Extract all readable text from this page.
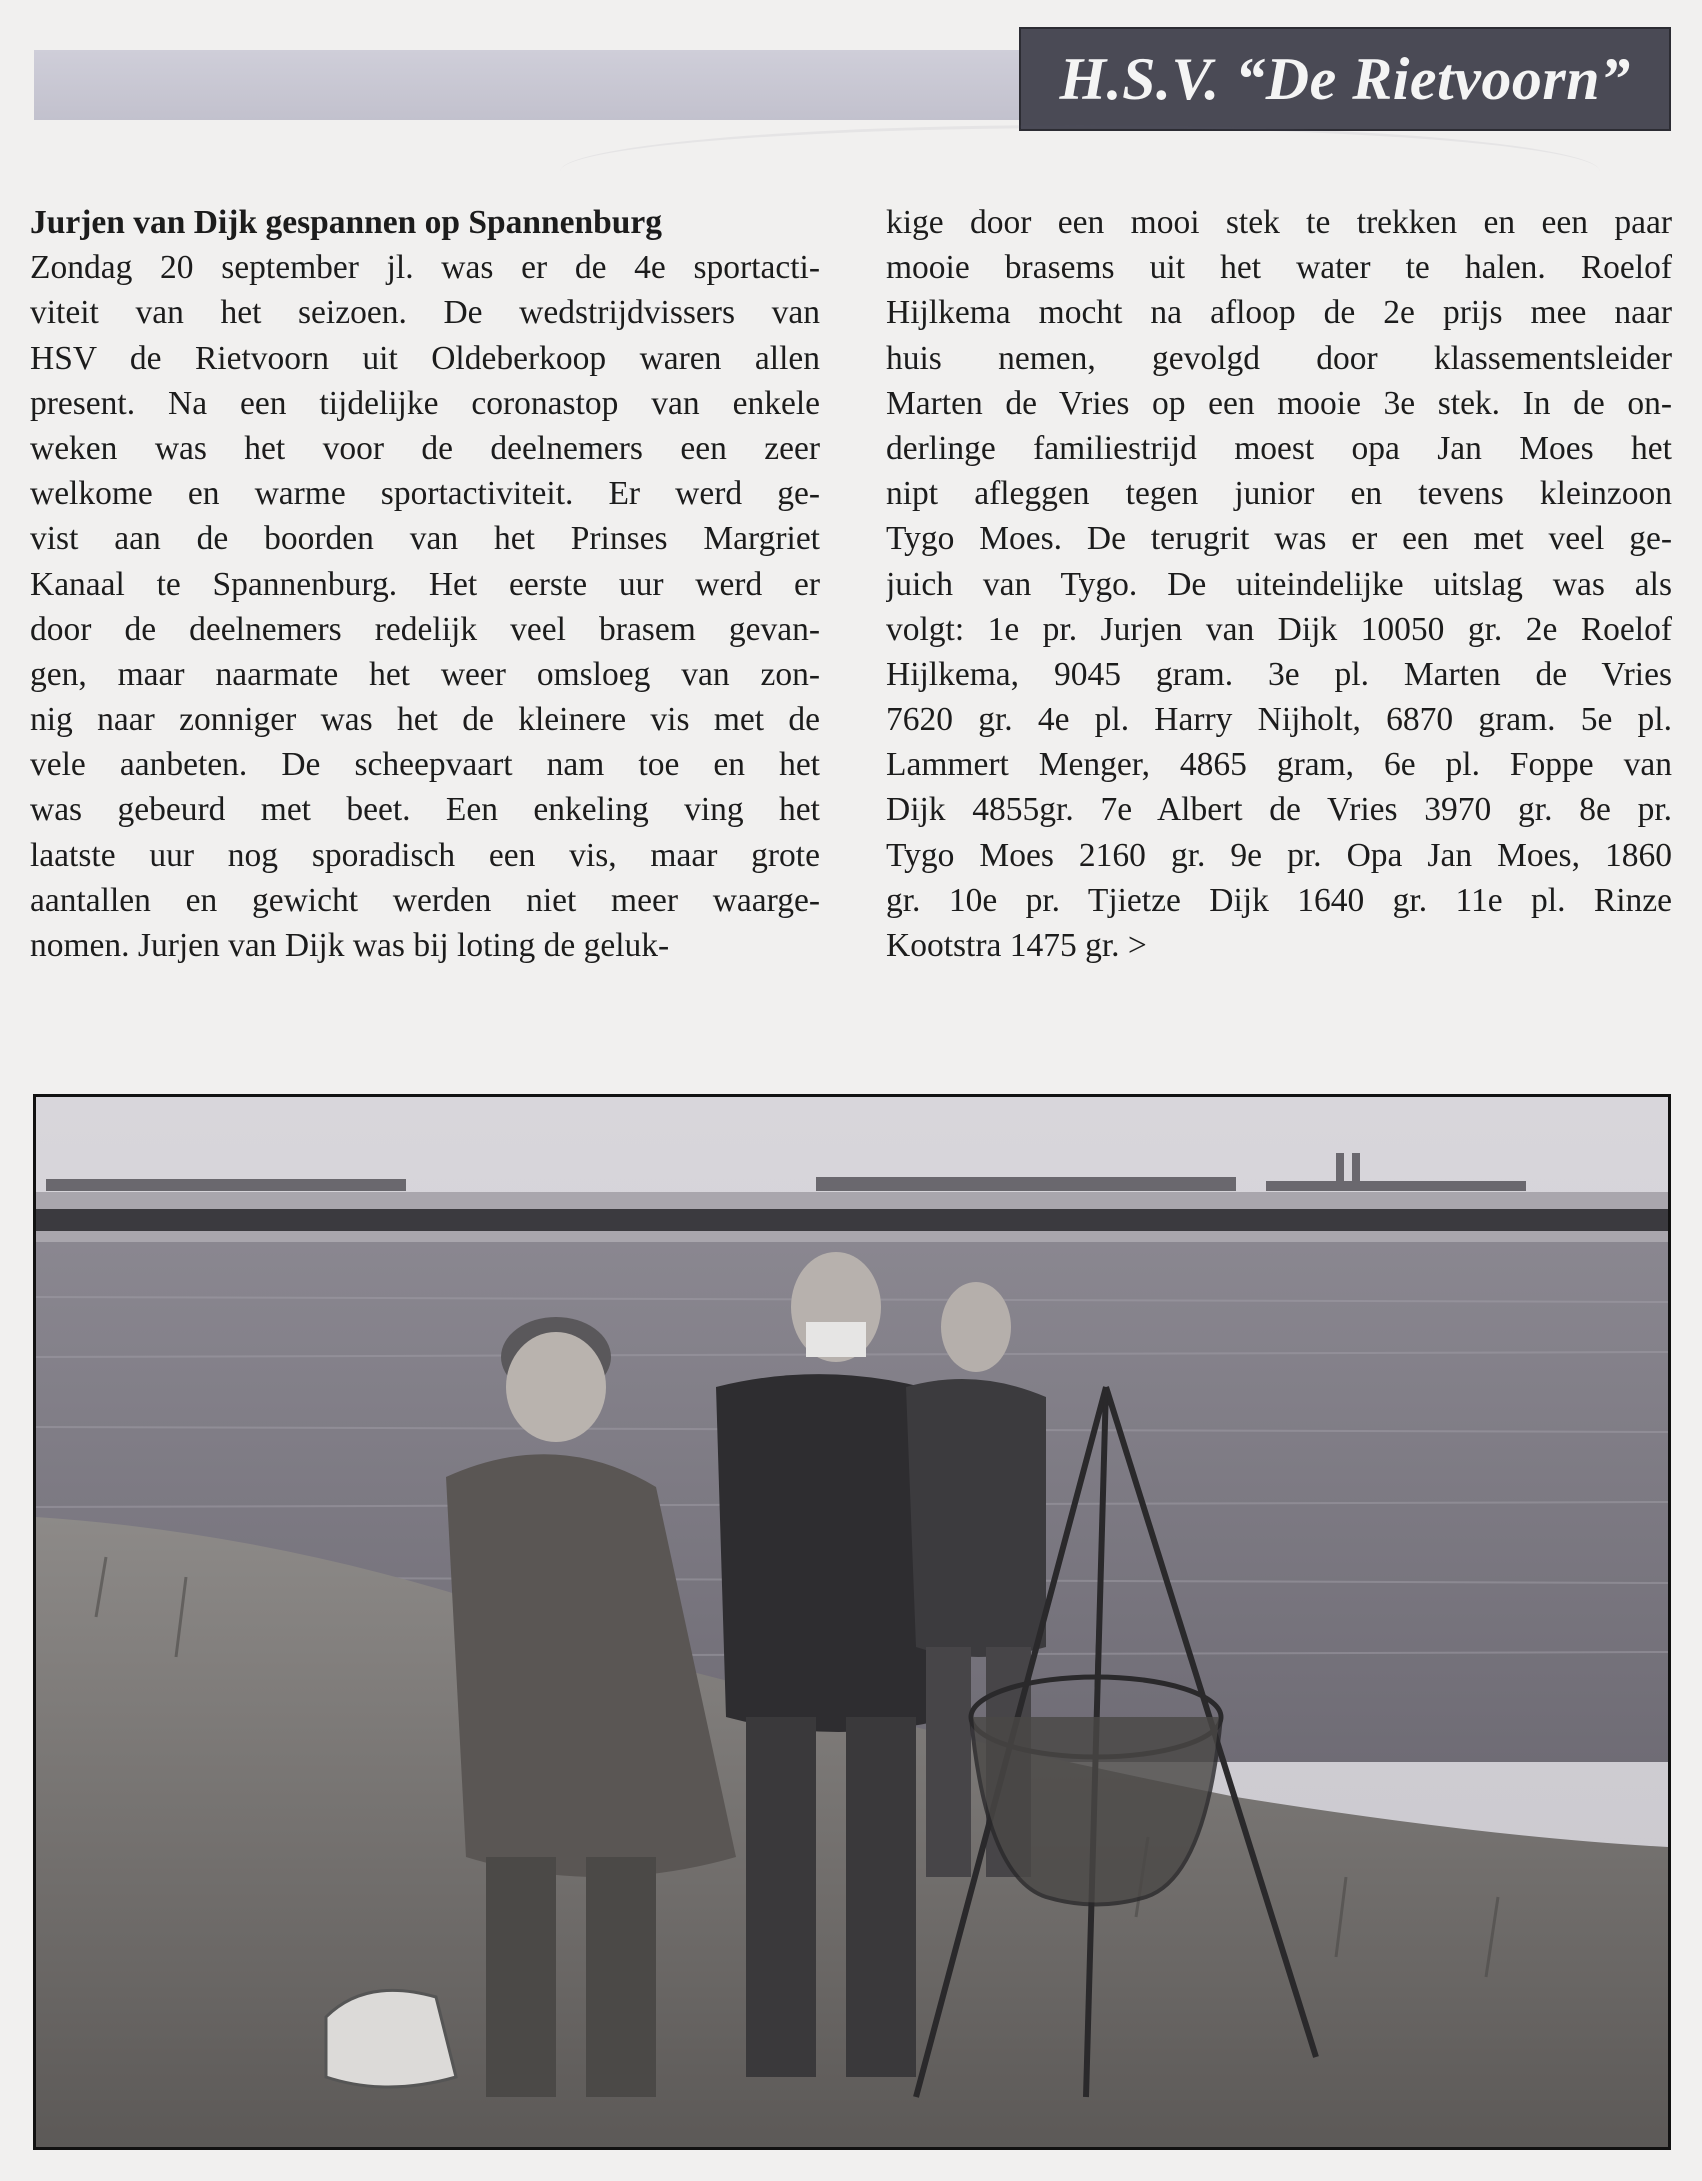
H.S.V. “De Rietvoorn”
Jurjen van Dijk gespannen op Spannenburg
Zondag 20 september jl. was er de 4e sportacti-
viteit van het seizoen. De wedstrijdvissers van
HSV de Rietvoorn uit Oldeberkoop waren allen
present. Na een tijdelijke coronastop van enkele
weken was het voor de deelnemers een zeer
welkome en warme sportactiviteit. Er werd ge-
vist aan de boorden van het Prinses Margriet
Kanaal te Spannenburg. Het eerste uur werd er
door de deelnemers redelijk veel brasem gevan-
gen, maar naarmate het weer omsloeg van zon-
nig naar zonniger was het de kleinere vis met de
vele aanbeten. De scheepvaart nam toe en het
was gebeurd met beet. Een enkeling ving het
laatste uur nog sporadisch een vis, maar grote
aantallen en gewicht werden niet meer waarge-
nomen. Jurjen van Dijk was bij loting de geluk-
kige door een mooi stek te trekken en een paar
mooie brasems uit het water te halen. Roelof
Hijlkema mocht na afloop de 2e prijs mee naar
huis nemen, gevolgd door klassementsleider
Marten de Vries op een mooie 3e stek. In de on-
derlinge familiestrijd moest opa Jan Moes het
nipt afleggen tegen junior en tevens kleinzoon
Tygo Moes. De terugrit was er een met veel ge-
juich van Tygo. De uiteindelijke uitslag was als
volgt: 1e pr. Jurjen van Dijk 10050 gr. 2e Roelof
Hijlkema, 9045 gram. 3e pl. Marten de Vries
7620 gr. 4e pl. Harry Nijholt, 6870 gram. 5e pl.
Lammert Menger, 4865 gram, 6e pl. Foppe van
Dijk 4855gr. 7e Albert de Vries 3970 gr. 8e pr.
Tygo Moes 2160 gr. 9e pr. Opa Jan Moes, 1860
gr. 10e pr. Tjietze Dijk 1640 gr. 11e pl. Rinze
Kootstra 1475 gr. >
